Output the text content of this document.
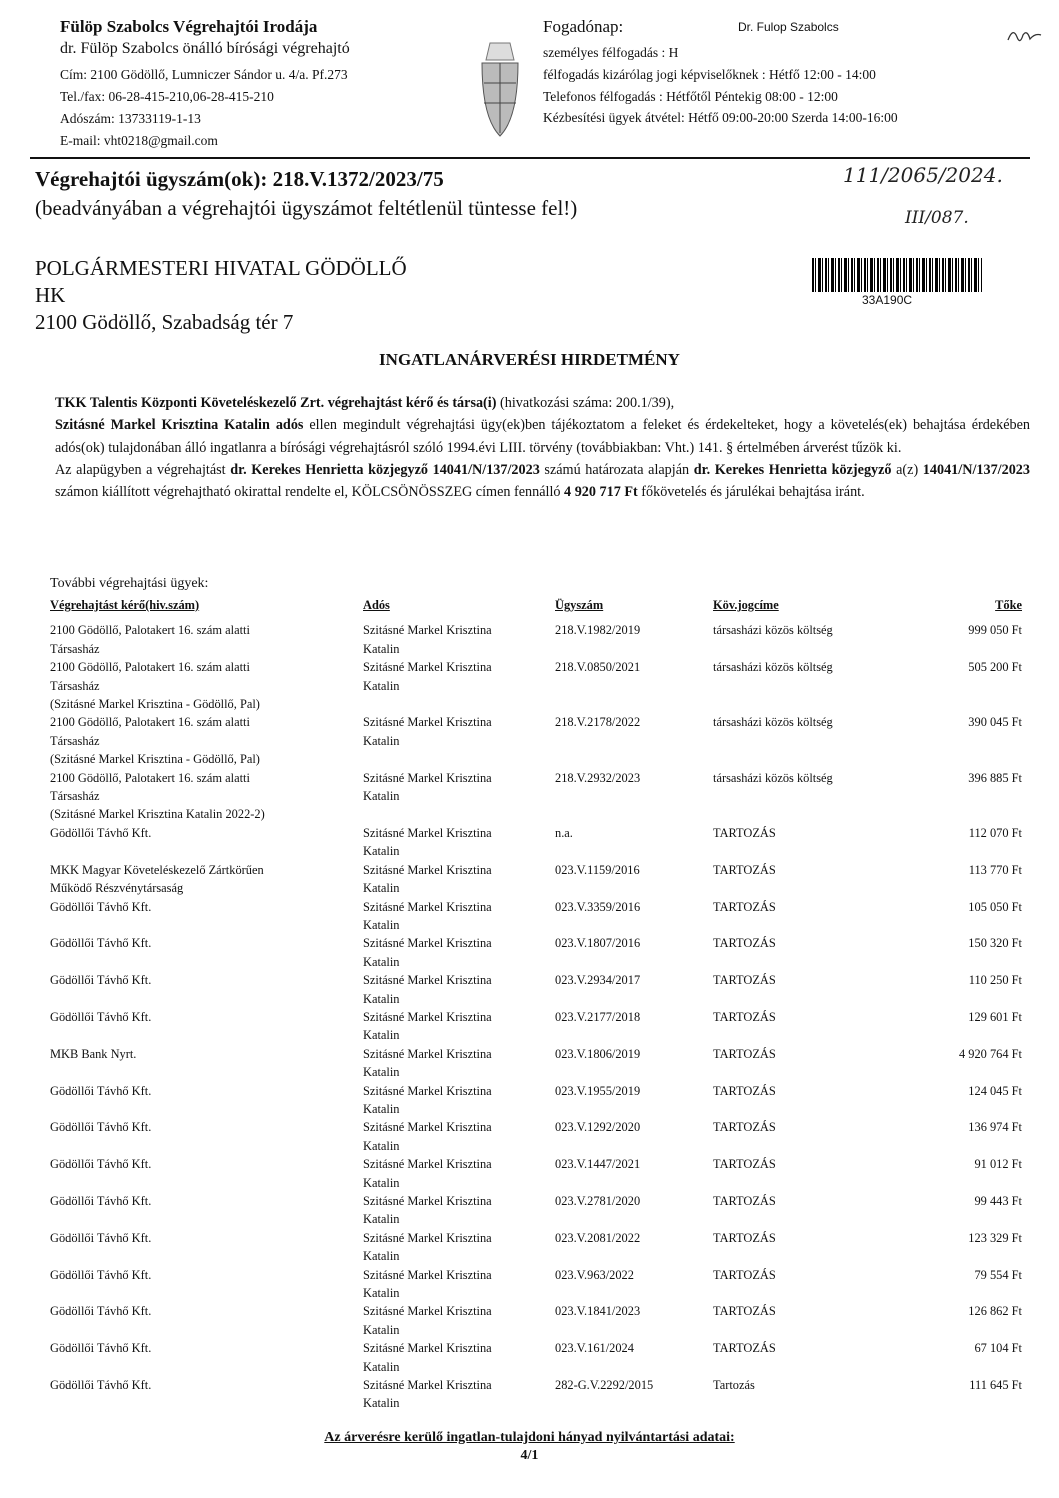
Fülöp Szabolcs Végrehajtói Irodája
dr. Fülöp Szabolcs önálló bírósági végrehajtó
Cím: 2100 Gödöllő, Lumniczer Sándor u. 4/a. Pf.273
Tel./fax: 06-28-415-210,06-28-415-210
Adószám: 13733119-1-13
E-mail: vht0218@gmail.com
Fogadónap:	Dr. Fulop Szabolcs
személyes félfogadás : H
félfogadás kizárólag jogi képviselőknek : Hétfő 12:00 - 14:00
Telefonos félfogadás : Hétfőtől Péntekig 08:00 - 12:00
Kézbesítési ügyek átvétel: Hétfő 09:00-20:00 Szerda 14:00-16:00
Végrehajtói ügyszám(ok): 218.V.1372/2023/75
(beadványában a végrehajtói ügyszámot feltétlenül tüntesse fel!)
111/2065/2024.
III/087.
POLGÁRMESTERI HIVATAL GÖDÖLLŐ
HK
2100 Gödöllő, Szabadság tér 7
33A190C
INGATLANÁRVERÉSI HIRDETMÉNY
TKK Talentis Központi Követeléskezelő Zrt. végrehajtást kérő és társa(i) (hivatkozási száma: 200.1/39),
Szitásné Markel Krisztina Katalin adós ellen megindult végrehajtási ügy(ek)ben tájékoztatom a feleket és érdekelteket, hogy a követelés(ek) behajtása érdekében adós(ok) tulajdonában álló ingatlanra a bírósági végrehajtásról szóló 1994.évi LIII. törvény (továbbiakban: Vht.) 141. § értelmében árverést tűzök ki.
Az alapügyben a végrehajtást dr. Kerekes Henrietta közjegyző 14041/N/137/2023 számú határozata alapján dr. Kerekes Henrietta közjegyző a(z) 14041/N/137/2023 számon kiállított végrehajtható okirattal rendelte el, KÖLCSÖNÖSSZEG címen fennálló 4 920 717 Ft főkövetelés és járulékai behajtása iránt.
További végrehajtási ügyek:
Végrehajtást kérő(hiv.szám)	Adós	Ügyszám	Köv.jogcíme	Tőke
2100 Gödöllő, Palotakert 16. szám alatti
Társasház
Szitásné Markel Krisztina
Katalin
218.V.1982/2019	társasházi közös költség	999 050 Ft
2100 Gödöllő, Palotakert 16. szám alatti
Társasház
(Szitásné Markel Krisztina - Gödöllő, Pal)
Szitásné Markel Krisztina
Katalin
218.V.0850/2021	társasházi közös költség	505 200 Ft
2100 Gödöllő, Palotakert 16. szám alatti
Társasház
(Szitásné Markel Krisztina - Gödöllő, Pal)
Szitásné Markel Krisztina
Katalin
218.V.2178/2022	társasházi közös költség	390 045 Ft
2100 Gödöllő, Palotakert 16. szám alatti
Társasház
(Szitásné Markel Krisztina Katalin 2022-2)
Szitásné Markel Krisztina
Katalin
218.V.2932/2023	társasházi közös költség	396 885 Ft
Gödöllői Távhő Kft.	Szitásné Markel Krisztina
Katalin
n.a.	TARTOZÁS	112 070 Ft
MKK Magyar Követeléskezelő Zártkörűen
Működő Részvénytársaság
Szitásné Markel Krisztina
Katalin
023.V.1159/2016	TARTOZÁS	113 770 Ft
Gödöllői Távhő Kft.	Szitásné Markel Krisztina
Katalin
023.V.3359/2016	TARTOZÁS	105 050 Ft
Gödöllői Távhő Kft.	Szitásné Markel Krisztina
Katalin
023.V.1807/2016	TARTOZÁS	150 320 Ft
Gödöllői Távhő Kft.	Szitásné Markel Krisztina
Katalin
023.V.2934/2017	TARTOZÁS	110 250 Ft
Gödöllői Távhő Kft.	Szitásné Markel Krisztina
Katalin
023.V.2177/2018	TARTOZÁS	129 601 Ft
MKB Bank Nyrt.	Szitásné Markel Krisztina
Katalin
023.V.1806/2019	TARTOZÁS	4 920 764 Ft
Gödöllői Távhő Kft.	Szitásné Markel Krisztina
Katalin
023.V.1955/2019	TARTOZÁS	124 045 Ft
Gödöllői Távhő Kft.	Szitásné Markel Krisztina
Katalin
023.V.1292/2020	TARTOZÁS	136 974 Ft
Gödöllői Távhő Kft.	Szitásné Markel Krisztina
Katalin
023.V.1447/2021	TARTOZÁS	91 012 Ft
Gödöllői Távhő Kft.	Szitásné Markel Krisztina
Katalin
023.V.2781/2020	TARTOZÁS	99 443 Ft
Gödöllői Távhő Kft.	Szitásné Markel Krisztina
Katalin
023.V.2081/2022	TARTOZÁS	123 329 Ft
Gödöllői Távhő Kft.	Szitásné Markel Krisztina
Katalin
023.V.963/2022	TARTOZÁS	79 554 Ft
Gödöllői Távhő Kft.	Szitásné Markel Krisztina
Katalin
023.V.1841/2023	TARTOZÁS	126 862 Ft
Gödöllői Távhő Kft.	Szitásné Markel Krisztina
Katalin
023.V.161/2024	TARTOZÁS	67 104 Ft
Gödöllői Távhő Kft.	Szitásné Markel Krisztina
Katalin
282-G.V.2292/2015	Tartozás	111 645 Ft
Az árverésre kerülő ingatlan-tulajdoni hányad nyilvántartási adatai:
4/1
